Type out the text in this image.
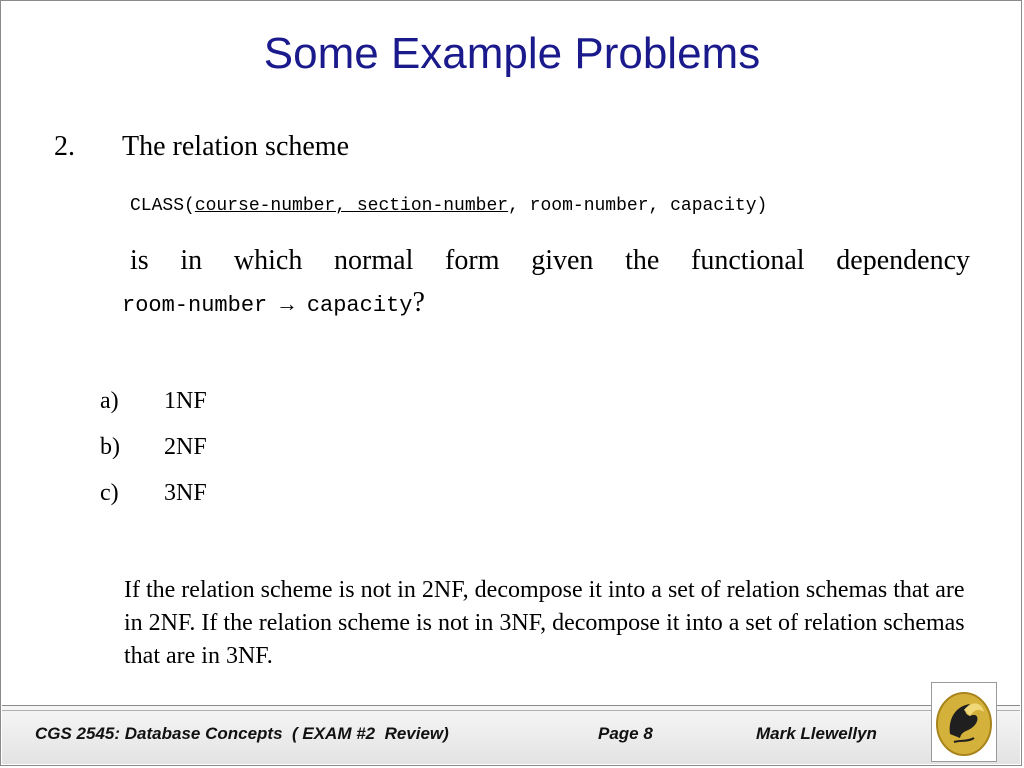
Some Example Problems
2. The relation scheme
CLASS(course-number, section-number, room-number, capacity)
is in which normal form given the functional dependency
room-number → capacity?
a)	1NF
b)	2NF
c)	3NF
If the relation scheme is not in 2NF, decompose it into a set of relation schemas that are in 2NF. If the relation scheme is not in 3NF, decompose it into a set of relation schemas that are in 3NF.
CGS 2545: Database Concepts  ( EXAM #2  Review)	Page 8	Mark Llewellyn
